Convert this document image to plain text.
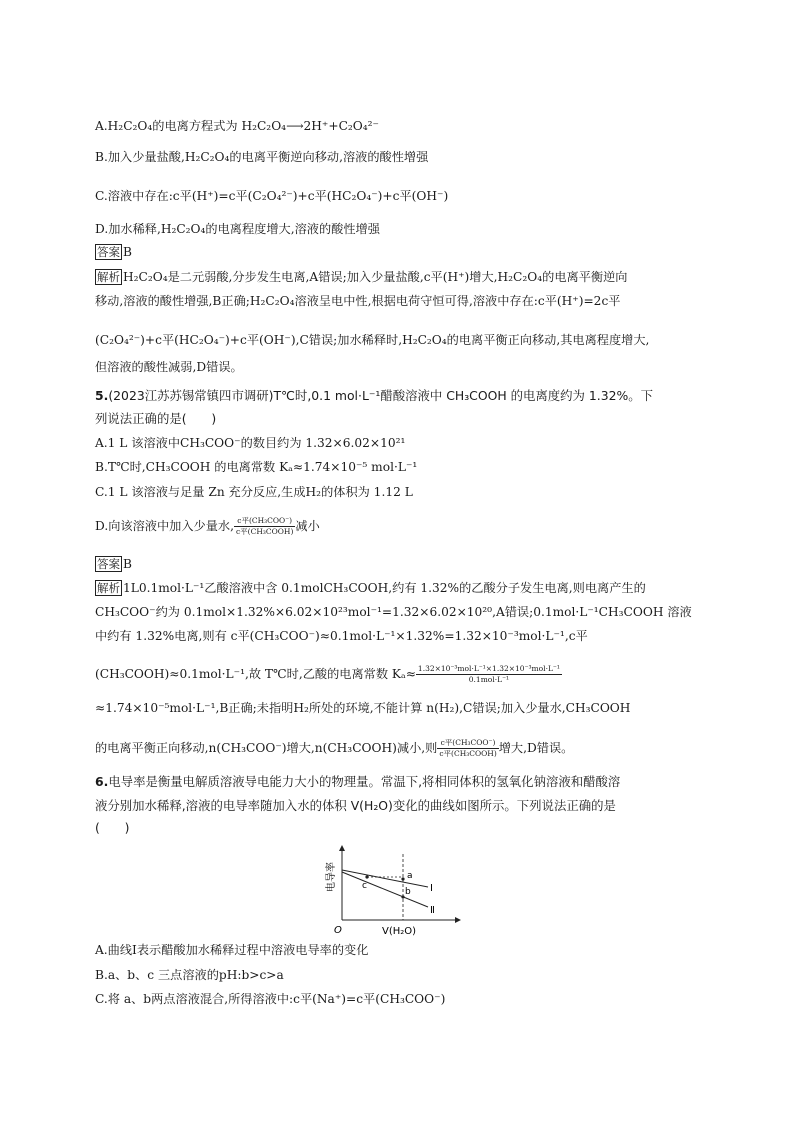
A.H₂C₂O₄的电离方程式为 H₂C₂O₄⟶2H⁺+C₂O₄²⁻
B.加入少量盐酸,H₂C₂O₄的电离平衡逆向移动,溶液的酸性增强
C.溶液中存在:c平(H⁺)=c平(C₂O₄²⁻)+c平(HC₂O₄⁻)+c平(OH⁻)
D.加水稀释,H₂C₂O₄的电离程度增大,溶液的酸性增强
答案 B
解析 H₂C₂O₄是二元弱酸,分步发生电离,A错误;加入少量盐酸,c平(H⁺)增大,H₂C₂O₄的电离平衡逆向
移动,溶液的酸性增强,B正确;H₂C₂O₄溶液呈电中性,根据电荷守恒可得,溶液中存在:c平(H⁺)=2c平
(C₂O₄²⁻)+c平(HC₂O₄⁻)+c平(OH⁻),C错误;加水稀释时,H₂C₂O₄的电离平衡正向移动,其电离程度增大,
但溶液的酸性减弱,D错误。
5.(2023江苏苏锡常镇四市调研)T℃时,0.1 mol·L⁻¹醋酸溶液中 CH₃COOH 的电离度约为 1.32%。下
列说法正确的是(　　)
A.1 L 该溶液中CH₃COO⁻的数目约为 1.32×6.02×10²¹
B.T℃时,CH₃COOH 的电离常数 Kₐ≈1.74×10⁻⁵ mol·L⁻¹
C.1 L 该溶液与足量 Zn 充分反应,生成H₂的体积为 1.12 L
D.向该溶液中加入少量水, $\frac{\text{c平(CH₃COO⁻)}}{\text{c平(CH₃COOH)}}$ 减小
答案 B
解析 1L0.1mol·L⁻¹乙酸溶液中含 0.1molCH₃COOH,约有 1.32%的乙酸分子发生电离,则电离产生的
CH₃COO⁻约为 0.1mol×1.32%×6.02×10²³mol⁻¹=1.32×6.02×10²⁰,A错误;0.1mol·L⁻¹CH₃COOH 溶液
中约有 1.32%电离,则有 c平(CH₃COO⁻)≈0.1mol·L⁻¹×1.32%=1.32×10⁻³mol·L⁻¹,c平
(CH₃COOH)≈0.1mol·L⁻¹,故 T℃时,乙酸的电离常数 $K_a\approx \frac{\text{1.32×10⁻³mol·L⁻¹×1.32×10⁻³mol·L⁻¹}}{\text{0.1mol·L⁻¹}}$
≈1.74×10⁻⁵mol·L⁻¹,B正确;未指明H₂所处的环境,不能计算 n(H₂),C错误;加入少量水,CH₃COOH
的电离平衡正向移动,n(CH₃COO⁻)增大,n(CH₃COOH)减小,则 $\frac{\text{c平(CH₃COO⁻)}}{\text{c平(CH₃COOH)}}$ 增大,D错误。
6.电导率是衡量电解质溶液导电能力大小的物理量。常温下,将相同体积的氢氧化钠溶液和醋酸溶
液分别加水稀释,溶液的电导率随加入水的体积 V(H₂O)变化的曲线如图所示。下列说法正确的是
(　　)
电导率	a
b
c	Ⅰ
Ⅱ
O	V(H₂O)
A.曲线Ⅰ表示醋酸加水稀释过程中溶液电导率的变化
B.a、b、c 三点溶液的pH:b>c>a
C.将 a、b两点溶液混合,所得溶液中:c平(Na⁺)=c平(CH₃COO⁻)
